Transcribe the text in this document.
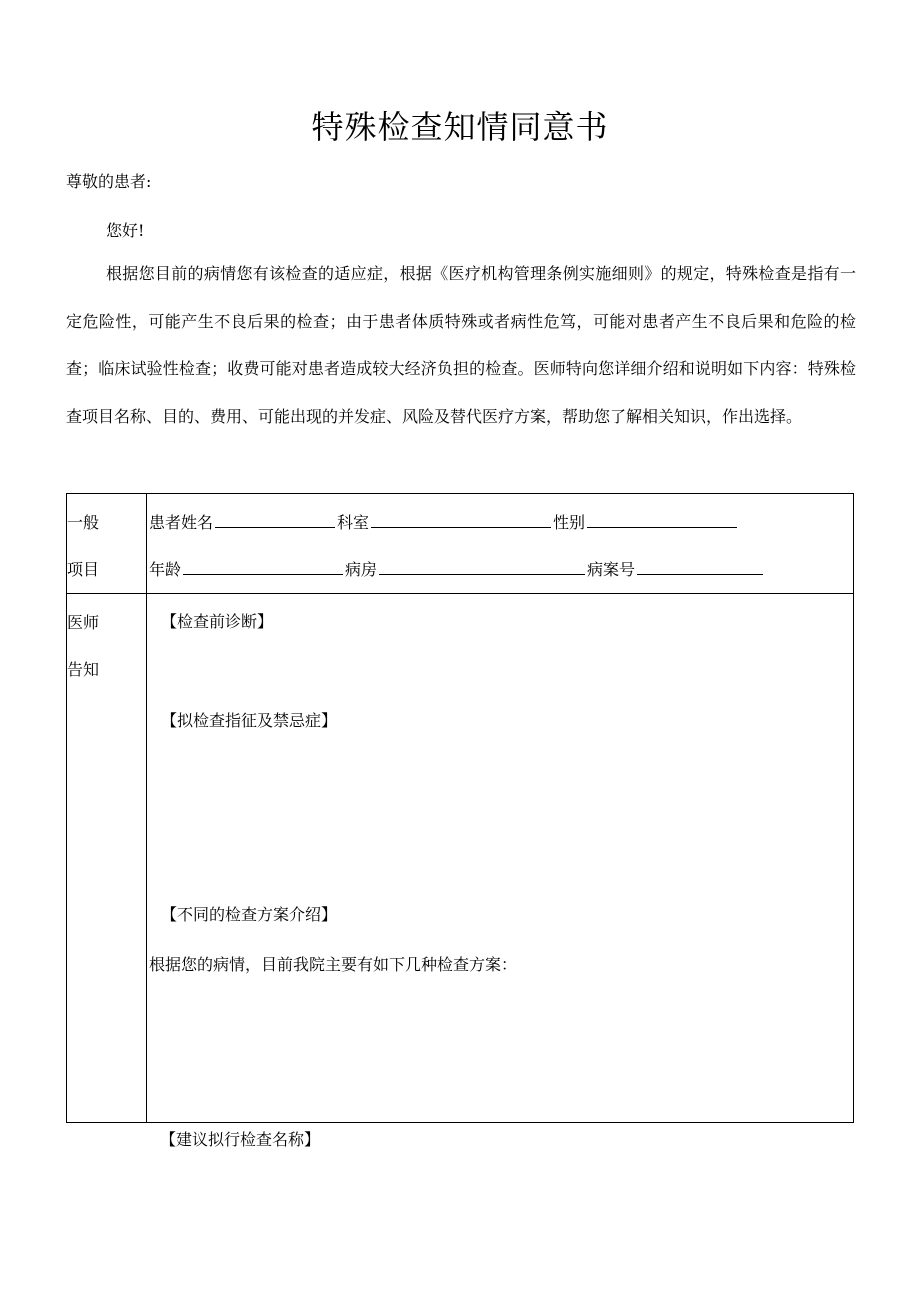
特殊检查知情同意书
尊敬的患者:
您好!

根据您目前的病情您有该检查的适应症，根据《医疗机构管理条例实施细则》的规定，特殊检查是指有一定危险性，可能产生不良后果的检查；由于患者体质特殊或者病性危笃，可能对患者产生不良后果和危险的检查；临床试验性检查；收费可能对患者造成较大经济负担的检查。医师特向您详细介绍和说明如下内容：特殊检查项目名称、目的、费用、可能出现的并发症、风险及替代医疗方案，帮助您了解相关知识，作出选择。

一般
项目
患者姓名	科室	性别
年龄	病房	病案号
医师
告知
【检查前诊断】
【拟检查指征及禁忌症】
【不同的检查方案介绍】
根据您的病情，目前我院主要有如下几种检查方案：
【建议拟行检查名称】
